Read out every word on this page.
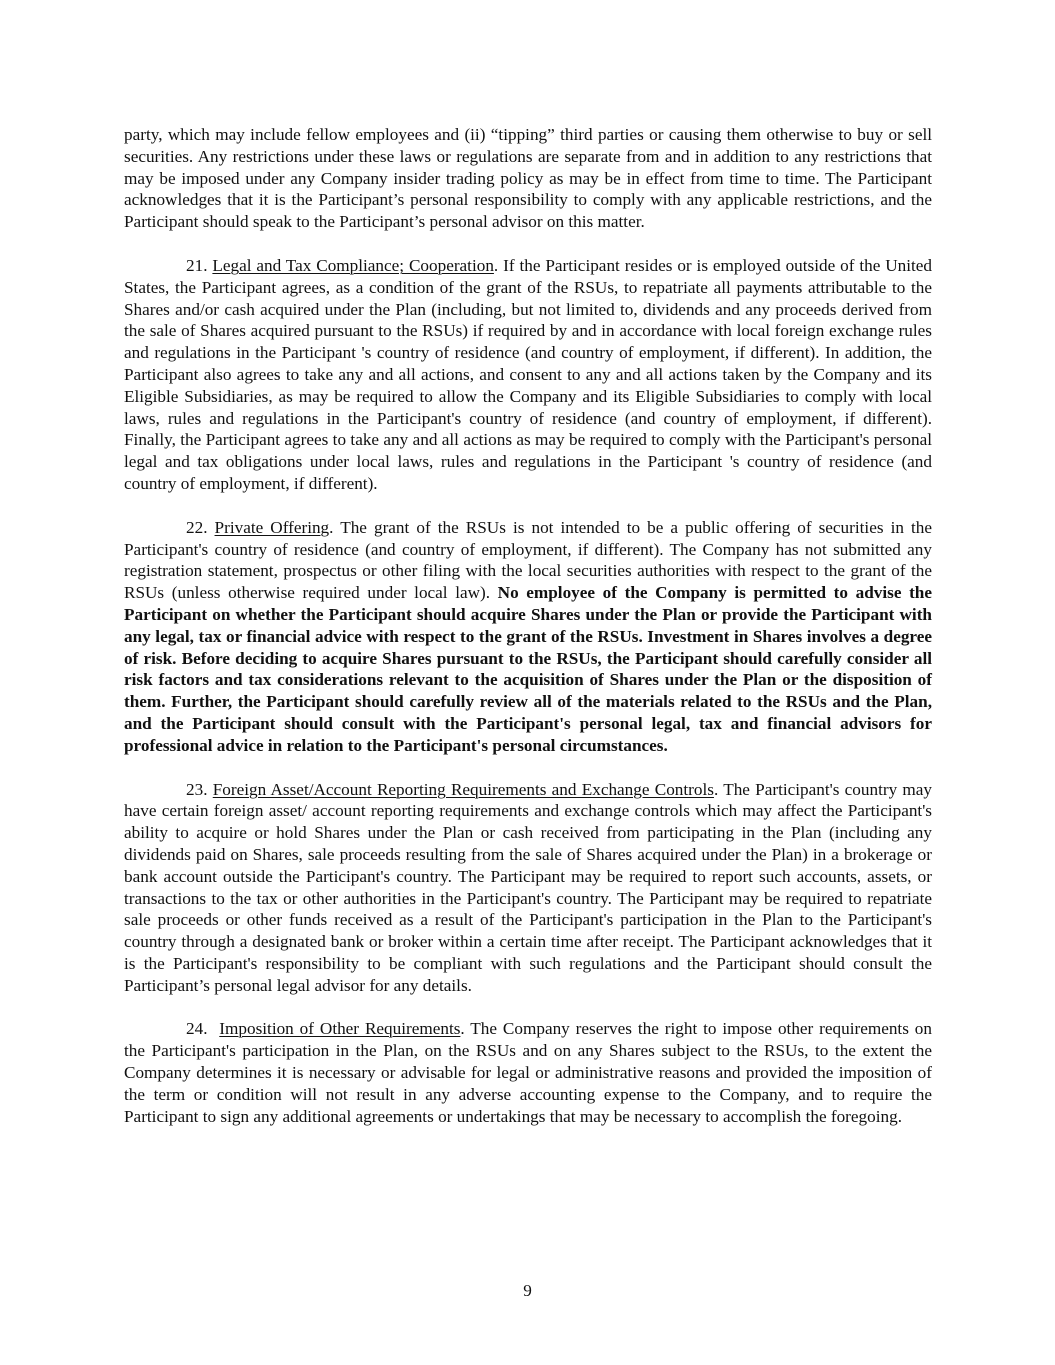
party, which may include fellow employees and (ii) “tipping” third parties or causing them otherwise to buy or sell securities. Any restrictions under these laws or regulations are separate from and in addition to any restrictions that may be imposed under any Company insider trading policy as may be in effect from time to time. The Participant acknowledges that it is the Participant’s personal responsibility to comply with any applicable restrictions, and the Participant should speak to the Participant’s personal advisor on this matter.

21. Legal and Tax Compliance; Cooperation. If the Participant resides or is employed outside of the United States, the Participant agrees, as a condition of the grant of the RSUs, to repatriate all payments attributable to the Shares and/or cash acquired under the Plan (including, but not limited to, dividends and any proceeds derived from the sale of Shares acquired pursuant to the RSUs) if required by and in accordance with local foreign exchange rules and regulations in the Participant 's country of residence (and country of employment, if different). In addition, the Participant also agrees to take any and all actions, and consent to any and all actions taken by the Company and its Eligible Subsidiaries, as may be required to allow the Company and its Eligible Subsidiaries to comply with local laws, rules and regulations in the Participant's country of residence (and country of employment, if different). Finally, the Participant agrees to take any and all actions as may be required to comply with the Participant's personal legal and tax obligations under local laws, rules and regulations in the Participant 's country of residence (and country of employment, if different).

22. Private Offering. The grant of the RSUs is not intended to be a public offering of securities in the Participant's country of residence (and country of employment, if different). The Company has not submitted any registration statement, prospectus or other filing with the local securities authorities with respect to the grant of the RSUs (unless otherwise required under local law). No employee of the Company is permitted to advise the Participant on whether the Participant should acquire Shares under the Plan or provide the Participant with any legal, tax or financial advice with respect to the grant of the RSUs. Investment in Shares involves a degree of risk. Before deciding to acquire Shares pursuant to the RSUs, the Participant should carefully consider all risk factors and tax considerations relevant to the acquisition of Shares under the Plan or the disposition of them. Further, the Participant should carefully review all of the materials related to the RSUs and the Plan, and the Participant should consult with the Participant's personal legal, tax and financial advisors for professional advice in relation to the Participant's personal circumstances.

23. Foreign Asset/Account Reporting Requirements and Exchange Controls. The Participant's country may have certain foreign asset/ account reporting requirements and exchange controls which may affect the Participant's ability to acquire or hold Shares under the Plan or cash received from participating in the Plan (including any dividends paid on Shares, sale proceeds resulting from the sale of Shares acquired under the Plan) in a brokerage or bank account outside the Participant's country. The Participant may be required to report such accounts, assets, or transactions to the tax or other authorities in the Participant's country. The Participant may be required to repatriate sale proceeds or other funds received as a result of the Participant's participation in the Plan to the Participant's country through a designated bank or broker within a certain time after receipt. The Participant acknowledges that it is the Participant's responsibility to be compliant with such regulations and the Participant should consult the Participant’s personal legal advisor for any details.

24. Imposition of Other Requirements. The Company reserves the right to impose other requirements on the Participant's participation in the Plan, on the RSUs and on any Shares subject to the RSUs, to the extent the Company determines it is necessary or advisable for legal or administrative reasons and provided the imposition of the term or condition will not result in any adverse accounting expense to the Company, and to require the Participant to sign any additional agreements or undertakings that may be necessary to accomplish the foregoing.

9
